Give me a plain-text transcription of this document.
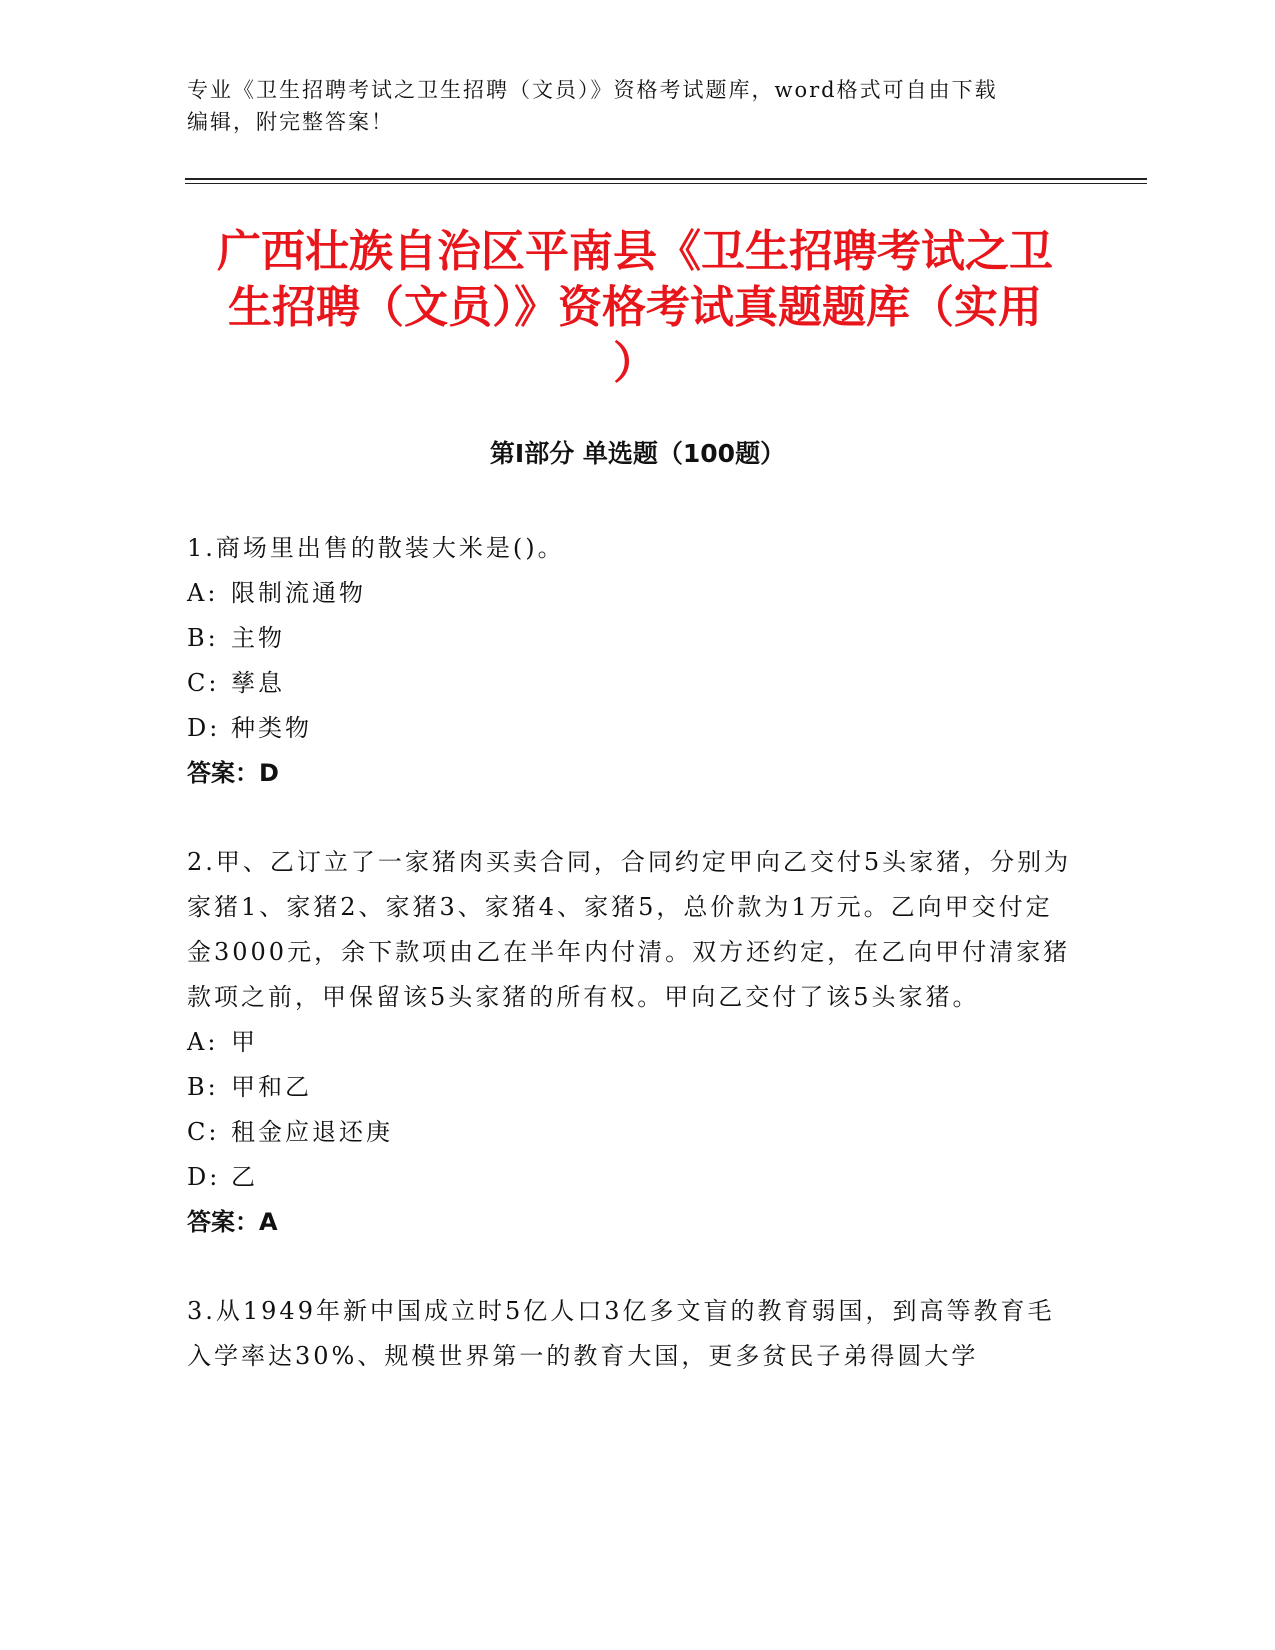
专业《卫生招聘考试之卫生招聘（文员）》资格考试题库，word格式可自由下载
编辑，附完整答案！
广西壮族自治区平南县《卫生招聘考试之卫
生招聘（文员）》资格考试真题题库（实用
）
第Ⅰ部分 单选题（100题）
1.商场里出售的散装大米是()。
A: 限制流通物
B: 主物
C: 孳息
D: 种类物
答案：D
2.甲、乙订立了一家猪肉买卖合同，合同约定甲向乙交付5头家猪，分别为家猪1、家猪2、家猪3、家猪4、家猪5，总价款为1万元。乙向甲交付定金3000元，余下款项由乙在半年内付清。双方还约定，在乙向甲付清家猪款项之前，甲保留该5头家猪的所有权。甲向乙交付了该5头家猪。
A: 甲
B: 甲和乙
C: 租金应退还庚
D: 乙
答案：A
3.从1949年新中国成立时5亿人口3亿多文盲的教育弱国，到高等教育毛入学率达30%、规模世界第一的教育大国，更多贫民子弟得圆大学
